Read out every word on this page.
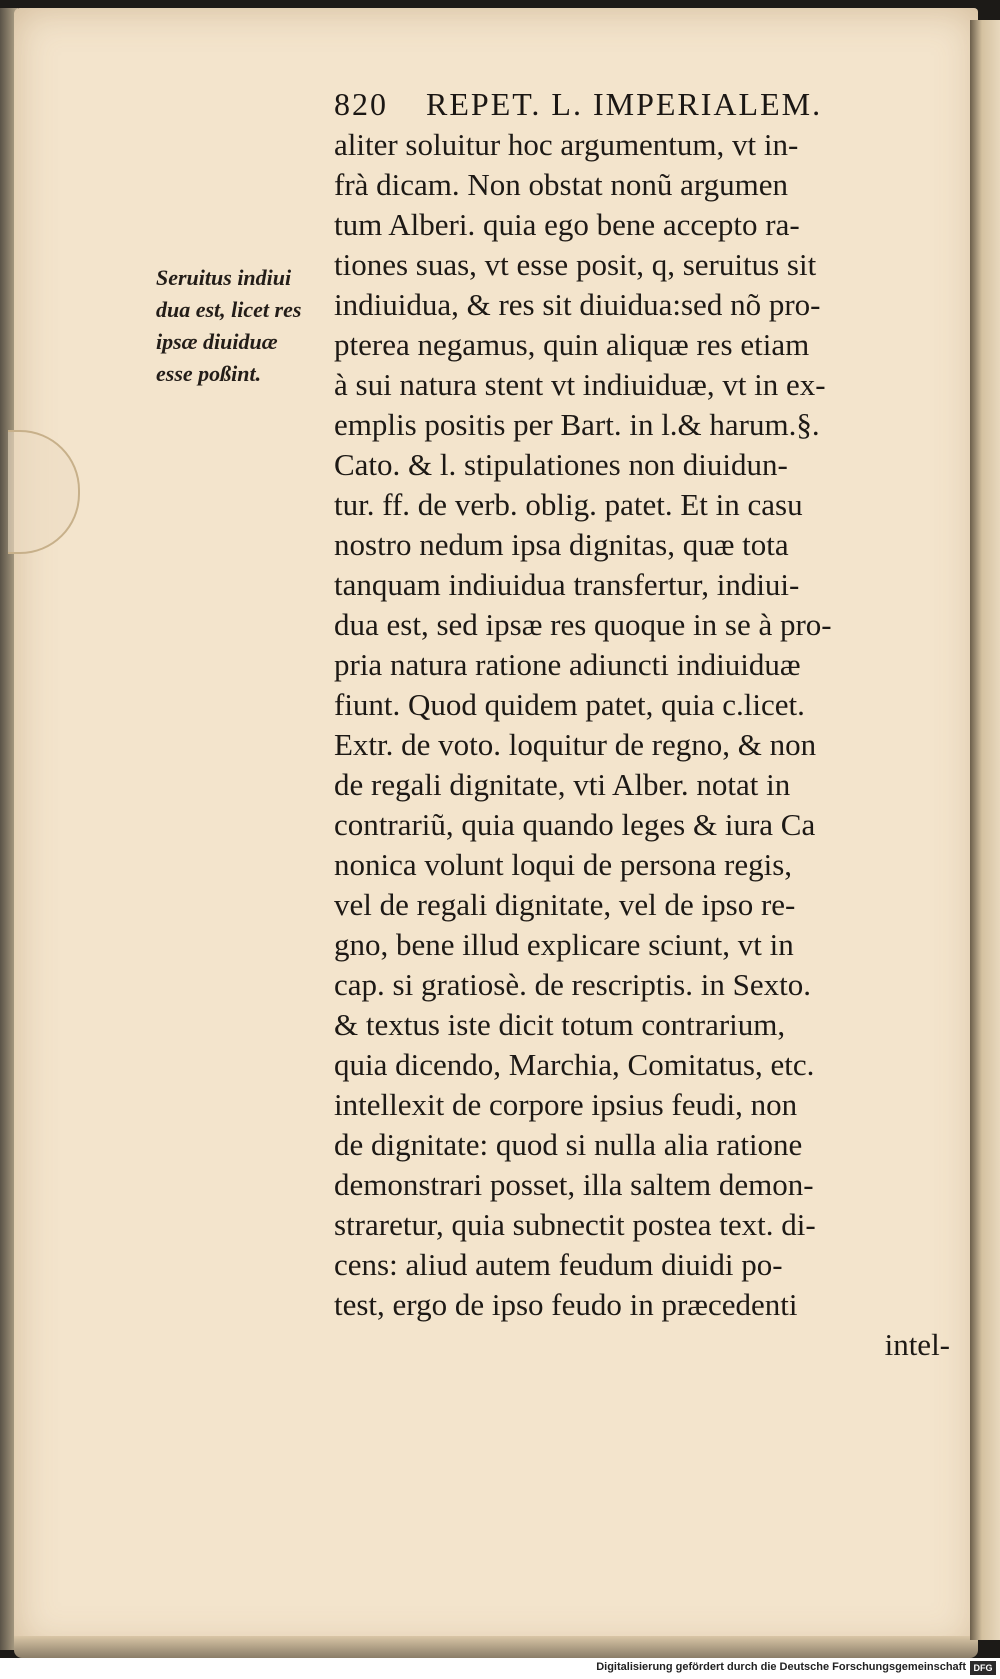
820 REPET. L. IMPERIALEM.
Seruitus indiui
dua est, licet res
ipsæ diuiduæ
esse poßint.
aliter soluitur hoc argumentum, vt in-
frà dicam. Non obstat nonũ argumen
tum Alberi. quia ego bene accepto ra-
tiones suas, vt esse posit, q, seruitus sit
indiuidua, & res sit diuidua:sed nõ pro-
pterea negamus, quin aliquæ res etiam
à sui natura stent vt indiuiduæ, vt in ex-
emplis positis per Bart. in l.& harum.§.
Cato. & l. stipulationes non diuidun-
tur. ff. de verb. oblig. patet. Et in casu
nostro nedum ipsa dignitas, quæ tota
tanquam indiuidua transfertur, indiui-
dua est, sed ipsæ res quoque in se à pro-
pria natura ratione adiuncti indiuiduæ
fiunt. Quod quidem patet, quia c.licet.
Extr. de voto. loquitur de regno, & non
de regali dignitate, vti Alber. notat in
contrariũ, quia quando leges & iura Ca
nonica volunt loqui de persona regis,
vel de regali dignitate, vel de ipso re-
gno, bene illud explicare sciunt, vt in
cap. si gratiosè. de rescriptis. in Sexto.
& textus iste dicit totum contrarium,
quia dicendo, Marchia, Comitatus, etc.
intellexit de corpore ipsius feudi, non
de dignitate: quod si nulla alia ratione
demonstrari posset, illa saltem demon-
straretur, quia subnectit postea text. di-
cens: aliud autem feudum diuidi po-
test, ergo de ipso feudo in præcedenti
intel-
Digitalisierung gefördert durch die Deutsche Forschungsgemeinschaft DFG
